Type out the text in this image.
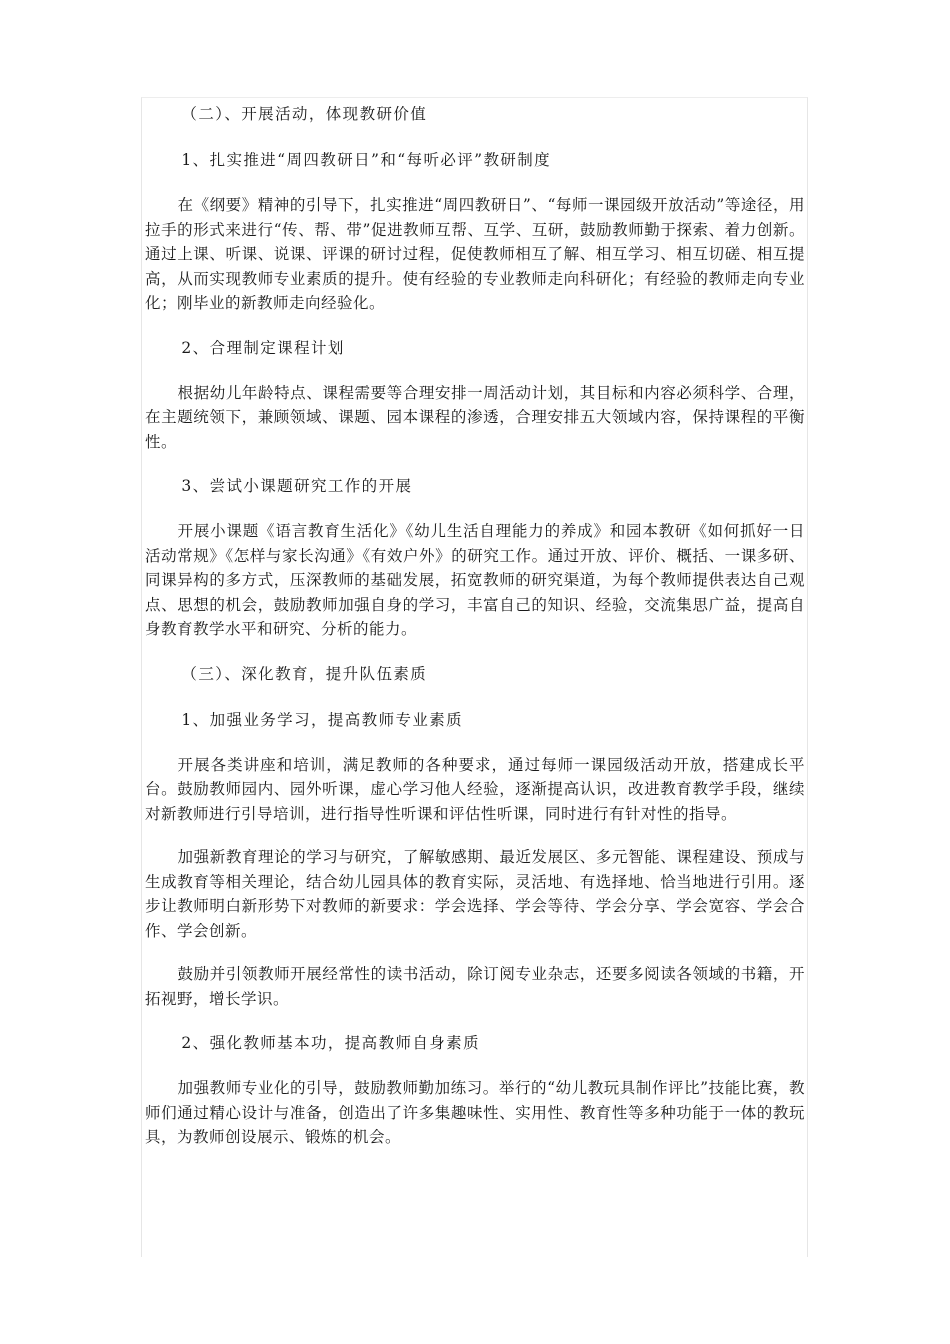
（二）、开展活动，体现教研价值
1、扎实推进“周四教研日”和“每听必评”教研制度

在《纲要》精神的引导下，扎实推进“周四教研日”、“每师一课园级开放活动”等途径，用拉手的形式来进行“传、帮、带”促进教师互帮、互学、互研，鼓励教师勤于探索、着力创新。通过上课、听课、说课、评课的研讨过程，促使教师相互了解、相互学习、相互切磋、相互提高，从而实现教师专业素质的提升。使有经验的专业教师走向科研化；有经验的教师走向专业化；刚毕业的新教师走向经验化。

2、合理制定课程计划

根据幼儿年龄特点、课程需要等合理安排一周活动计划，其目标和内容必须科学、合理，在主题统领下，兼顾领域、课题、园本课程的渗透，合理安排五大领域内容，保持课程的平衡性。

3、尝试小课题研究工作的开展

开展小课题《语言教育生活化》《幼儿生活自理能力的养成》和园本教研《如何抓好一日活动常规》《怎样与家长沟通》《有效户外》的研究工作。通过开放、评价、概括、一课多研、同课异构的多方式，压深教师的基础发展，拓宽教师的研究渠道，为每个教师提供表达自己观点、思想的机会，鼓励教师加强自身的学习，丰富自己的知识、经验，交流集思广益，提高自身教育教学水平和研究、分析的能力。

（三）、深化教育，提升队伍素质
1、加强业务学习，提高教师专业素质

开展各类讲座和培训，满足教师的各种要求，通过每师一课园级活动开放，搭建成长平台。鼓励教师园内、园外听课，虚心学习他人经验，逐渐提高认识，改进教育教学手段，继续对新教师进行引导培训，进行指导性听课和评估性听课，同时进行有针对性的指导。

加强新教育理论的学习与研究，了解敏感期、最近发展区、多元智能、课程建设、预成与生成教育等相关理论，结合幼儿园具体的教育实际，灵活地、有选择地、恰当地进行引用。逐步让教师明白新形势下对教师的新要求：学会选择、学会等待、学会分享、学会宽容、学会合作、学会创新。

鼓励并引领教师开展经常性的读书活动，除订阅专业杂志，还要多阅读各领域的书籍，开拓视野，增长学识。

2、强化教师基本功，提高教师自身素质

加强教师专业化的引导，鼓励教师勤加练习。举行的“幼儿教玩具制作评比”技能比赛，教师们通过精心设计与准备，创造出了许多集趣味性、实用性、教育性等多种功能于一体的教玩具，为教师创设展示、锻炼的机会。
